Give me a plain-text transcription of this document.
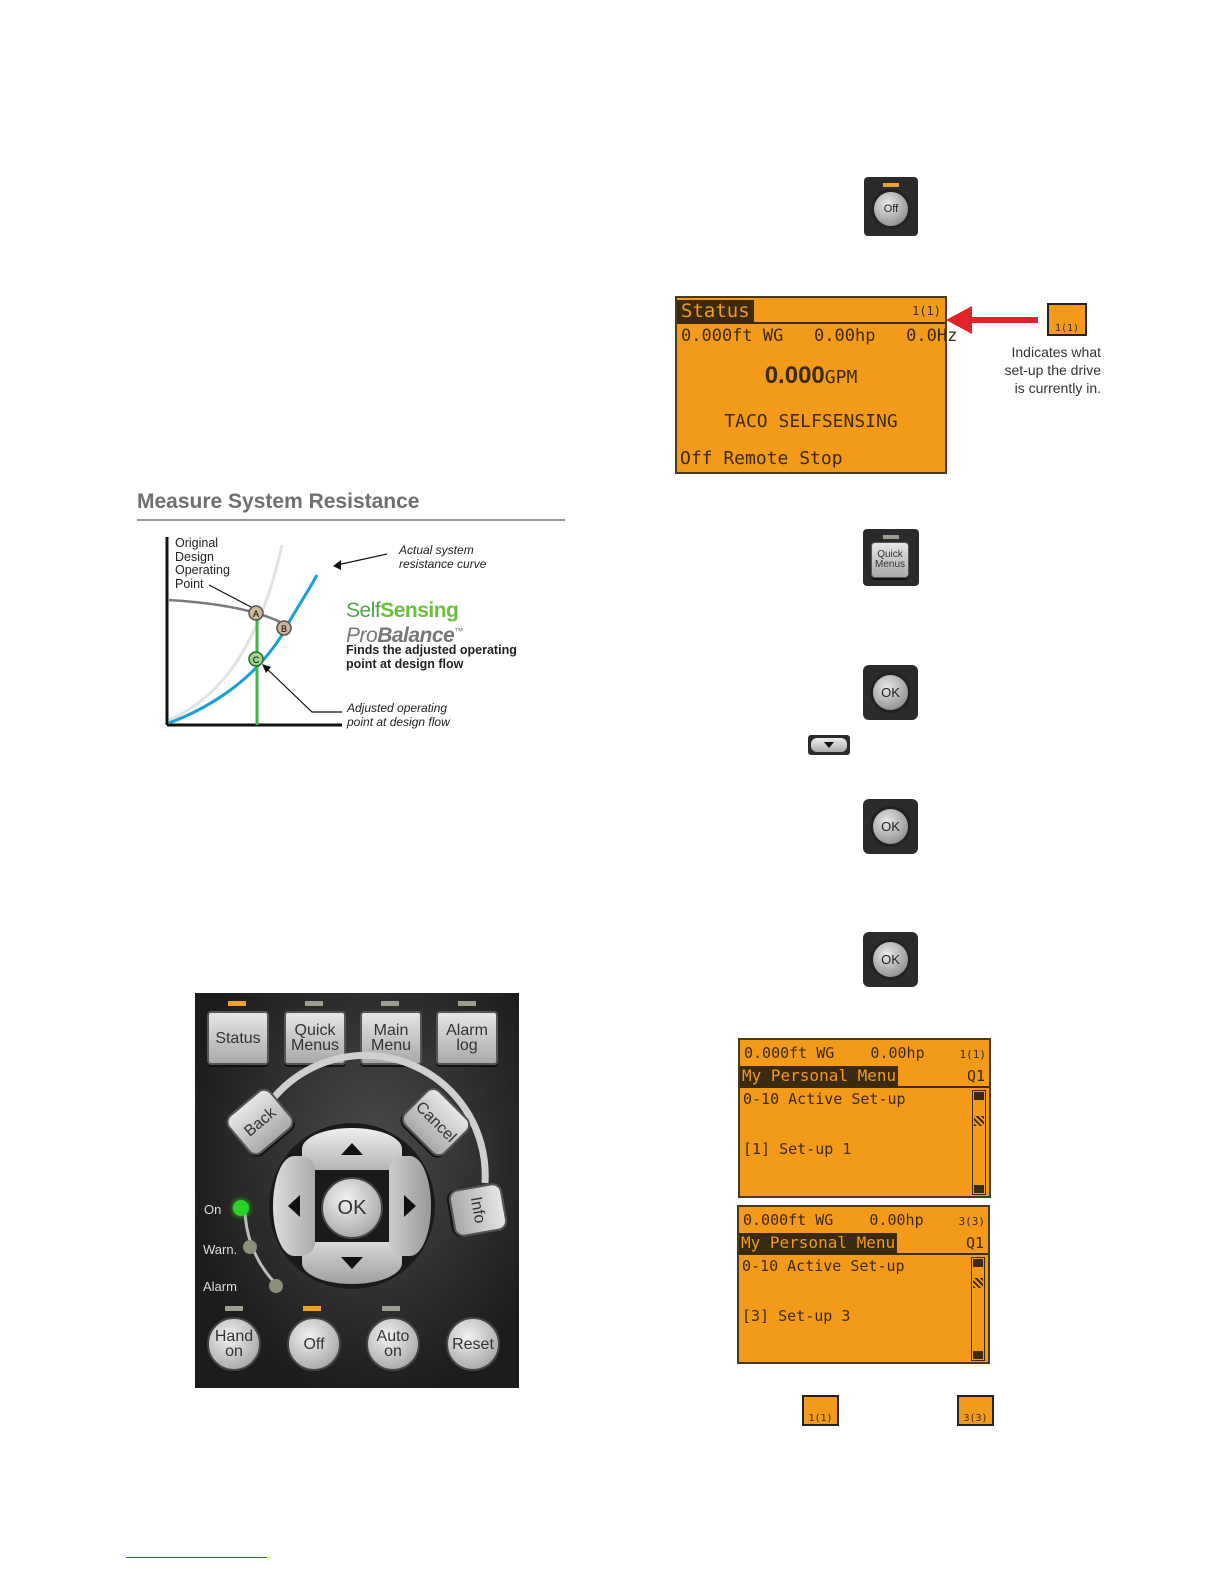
Measure System Resistance
A
B
C
Original
Design
Operating
Point
Actual system
resistance curve
Adjusted operating
point at design flow
SelfSensing
ProBalance™
Finds the adjusted operating
point at design flow
Status	Quick
Menus
Main
Menu
Alarm
log
Back	Cancel
Info
OK
On
Warn.
Alarm
Hand
on	Off	Auto
on	Reset
Off
Status	1(1)
0.000ft WG   0.00hp   0.0Hz
0.000GPM
TACO SELFSENSING
Off Remote Stop
1(1)
Indicates what
set-up the drive
is currently in.
Quick
Menus
OK
OK
OK
0.000ft WG    0.00hp	1(1)
My Personal Menu	Q1
0-10 Active Set-up
[1] Set-up 1
0.000ft WG    0.00hp	3(3)
My Personal Menu	Q1
0-10 Active Set-up
[3] Set-up 3
1(1)	3(3)
